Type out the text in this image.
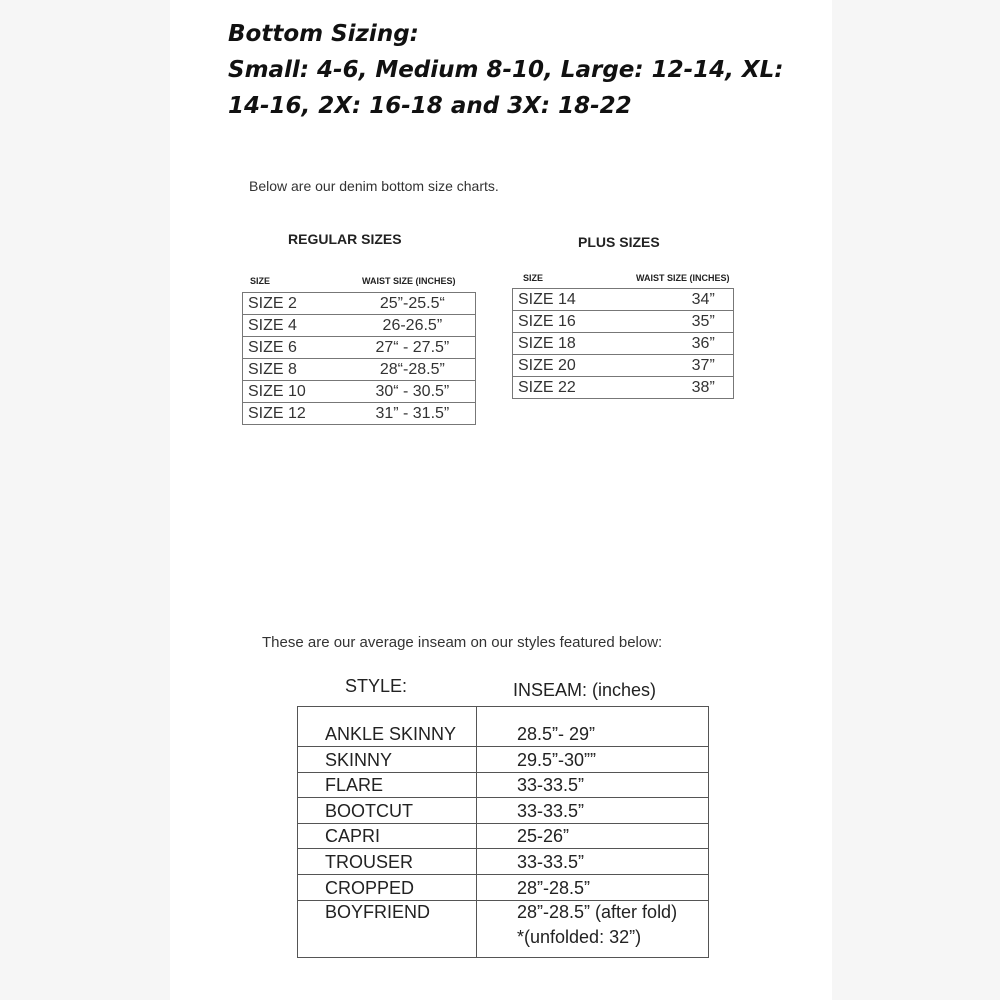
Bottom Sizing:
Small: 4-6, Medium 8-10, Large: 12-14, XL:
14-16, 2X: 16-18 and 3X: 18-22
Below are our denim bottom size charts.
REGULAR SIZES
SIZE	WAIST SIZE (INCHES)
SIZE 2	25”-25.5“
SIZE 4	26-26.5”
SIZE 6	27“ - 27.5”
SIZE 8	28“-28.5”
SIZE 10	30“ - 30.5”
SIZE 12	31” - 31.5”
PLUS SIZES
SIZE	WAIST SIZE (INCHES)
SIZE 14	34”
SIZE 16	35”
SIZE 18	36”
SIZE 20	37”
SIZE 22	38”
These are our average inseam on our styles featured below:
STYLE:	INSEAM: (inches)
ANKLE SKINNY	28.5”- 29”
SKINNY	29.5”-30””
FLARE	33-33.5”
BOOTCUT	33-33.5”
CAPRI	25-26”
TROUSER	33-33.5”
CROPPED	28”-28.5”
BOYFRIEND	28”-28.5” (after fold)
*(unfolded: 32”)
